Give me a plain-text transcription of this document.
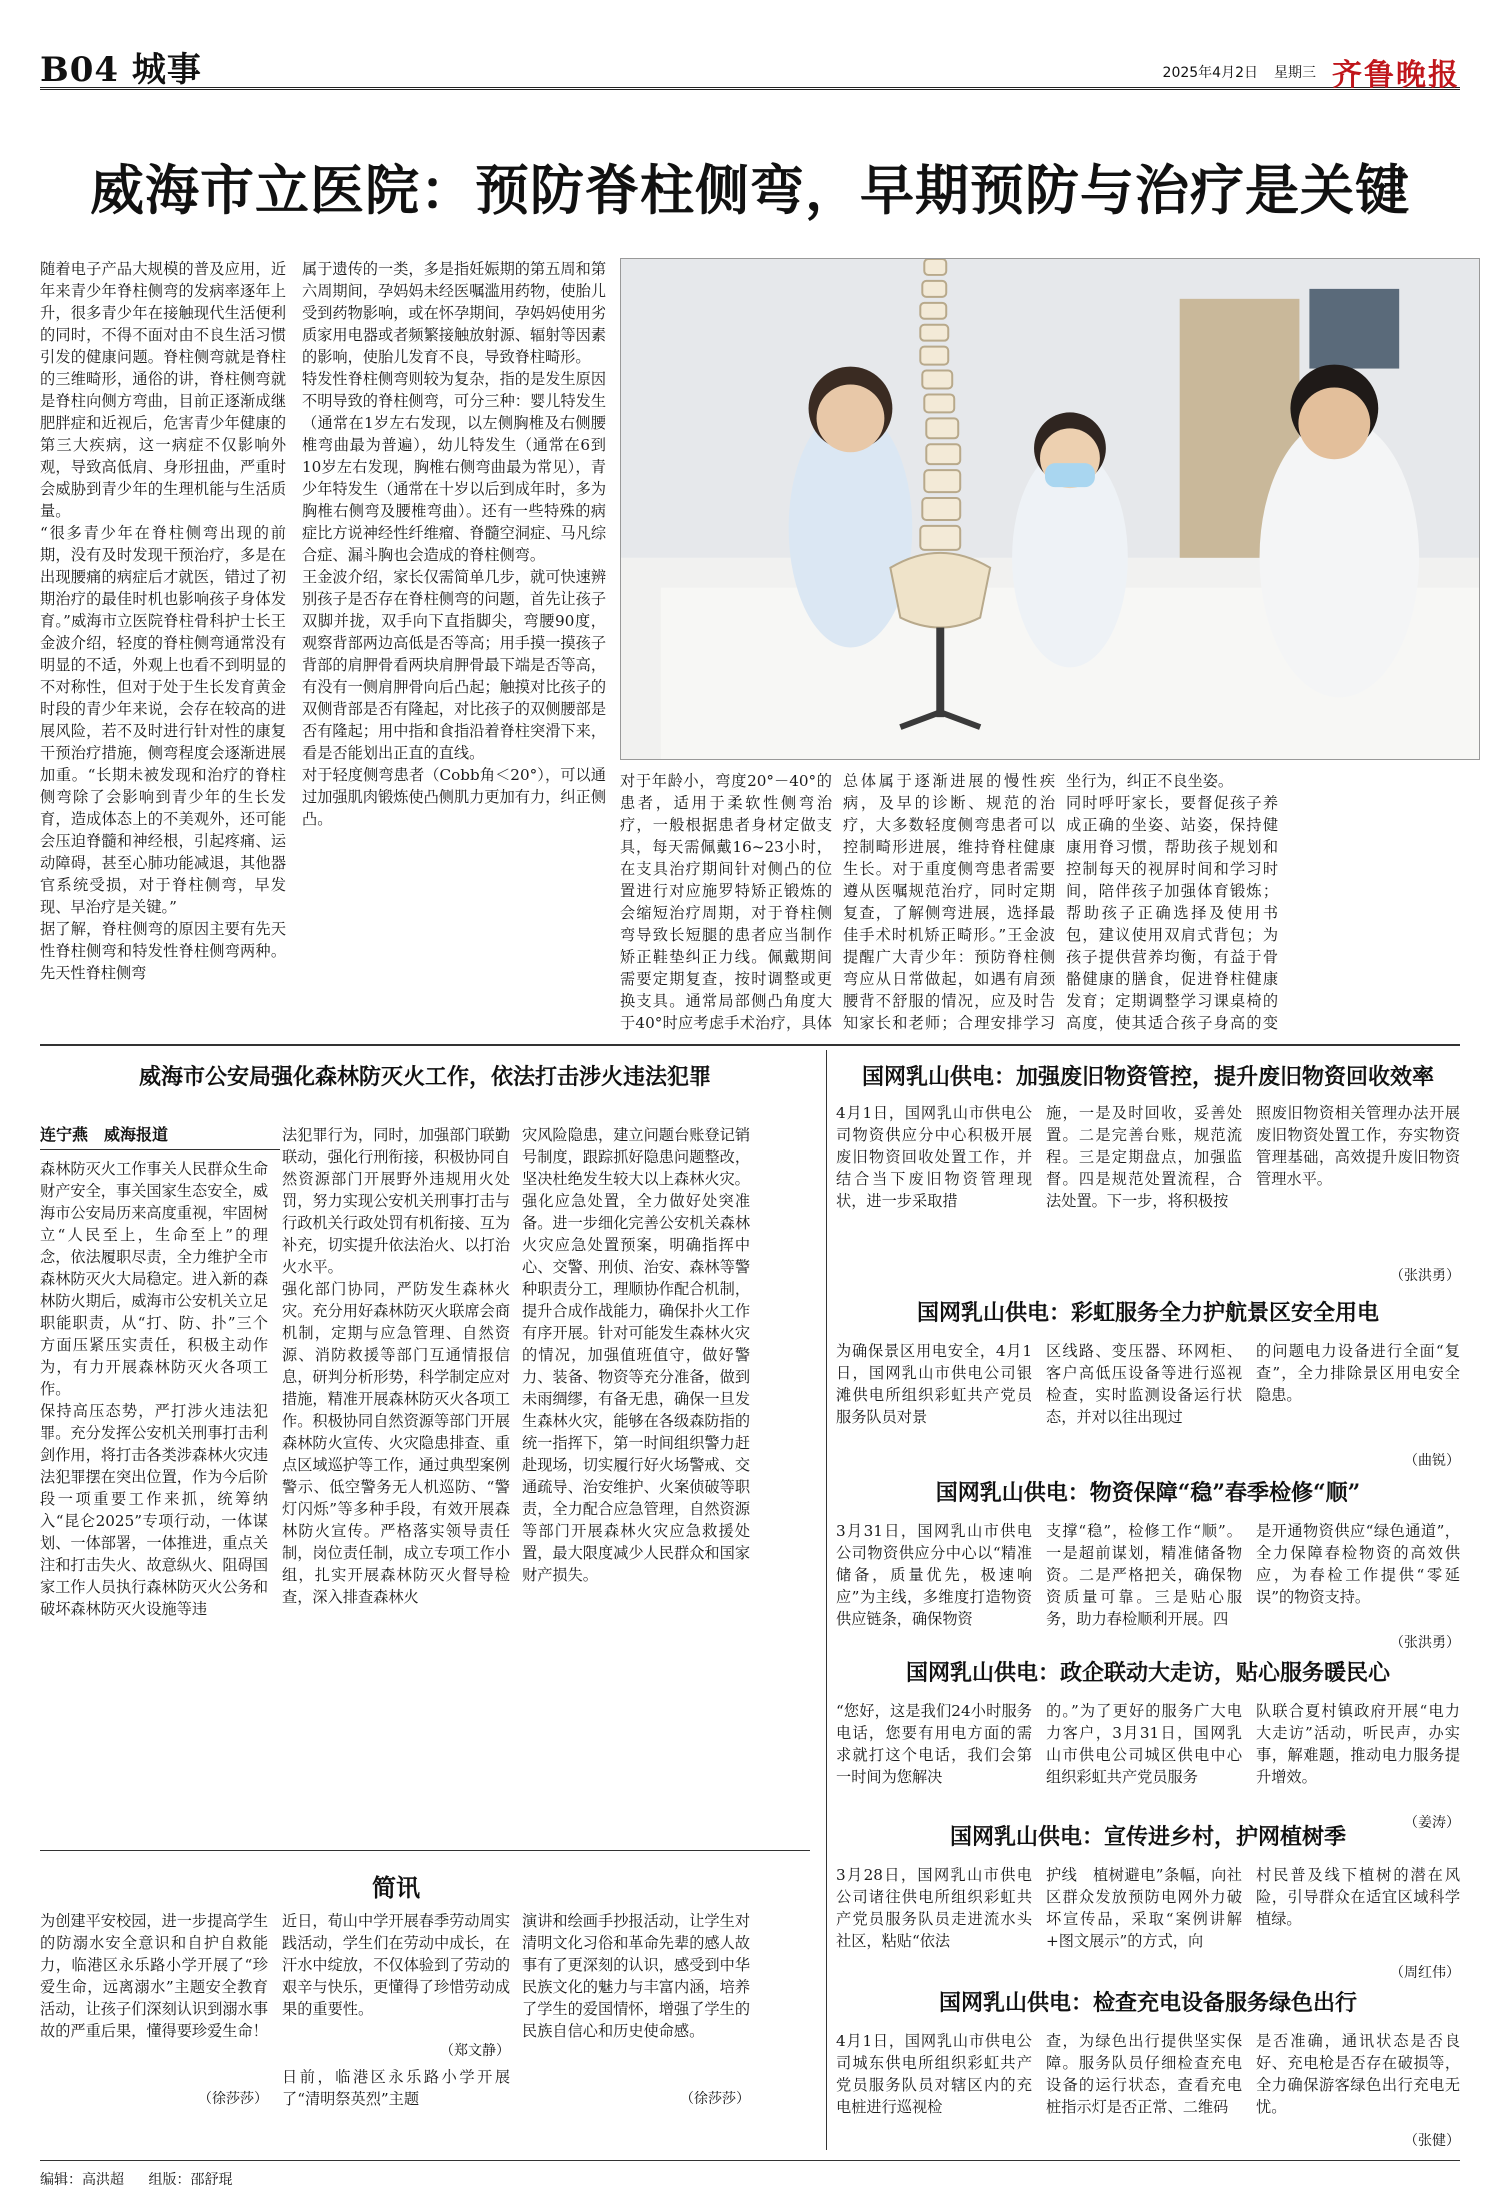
B04 城事	2025年4月2日 星期三 齐鲁晚报
威海市立医院：预防脊柱侧弯，早期预防与治疗是关键
随着电子产品大规模的普及应用，近年来青少年脊柱侧弯的发病率逐年上升，很多青少年在接触现代生活便利的同时，不得不面对由不良生活习惯引发的健康问题。脊柱侧弯就是脊柱的三维畸形，通俗的讲，脊柱侧弯就是脊柱向侧方弯曲，目前正逐渐成继肥胖症和近视后，危害青少年健康的第三大疾病，这一病症不仅影响外观，导致高低肩、身形扭曲，严重时会威胁到青少年的生理机能与生活质量。
“很多青少年在脊柱侧弯出现的前期，没有及时发现干预治疗，多是在出现腰痛的病症后才就医，错过了初期治疗的最佳时机也影响孩子身体发育。”威海市立医院脊柱骨科护士长王金波介绍，轻度的脊柱侧弯通常没有明显的不适，外观上也看不到明显的不对称性，但对于处于生长发育黄金时段的青少年来说，会存在较高的进展风险，若不及时进行针对性的康复干预治疗措施，侧弯程度会逐渐进展加重。“长期未被发现和治疗的脊柱侧弯除了会影响到青少年的生长发育，造成体态上的不美观外，还可能会压迫脊髓和神经根，引起疼痛、运动障碍，甚至心肺功能减退，其他器官系统受损，对于脊柱侧弯，早发现、早治疗是关键。”
据了解，脊柱侧弯的原因主要有先天性脊柱侧弯和特发性脊柱侧弯两种。先天性脊柱侧弯
属于遗传的一类，多是指妊娠期的第五周和第六周期间，孕妈妈未经医嘱滥用药物，使胎儿受到药物影响，或在怀孕期间，孕妈妈使用劣质家用电器或者频繁接触放射源、辐射等因素的影响，使胎儿发育不良，导致脊柱畸形。
特发性脊柱侧弯则较为复杂，指的是发生原因不明导致的脊柱侧弯，可分三种：婴儿特发生（通常在1岁左右发现，以左侧胸椎及右侧腰椎弯曲最为普遍），幼儿特发生（通常在6到10岁左右发现，胸椎右侧弯曲最为常见），青少年特发生（通常在十岁以后到成年时，多为胸椎右侧弯及腰椎弯曲）。还有一些特殊的病症比方说神经性纤维瘤、脊髓空洞症、马凡综合症、漏斗胸也会造成的脊柱侧弯。
王金波介绍，家长仅需简单几步，就可快速辨别孩子是否存在脊柱侧弯的问题，首先让孩子双脚并拢，双手向下直指脚尖，弯腰90度，观察背部两边高低是否等高；用手摸一摸孩子背部的肩胛骨看两块肩胛骨最下端是否等高，有没有一侧肩胛骨向后凸起；触摸对比孩子的双侧背部是否有隆起，对比孩子的双侧腰部是否有隆起；用中指和食指沿着脊柱突滑下来，看是否能划出正直的直线。
对于轻度侧弯患者（Cobb角＜20°），可以通过加强肌肉锻炼使凸侧肌力更加有力，纠正侧凸。
对于年龄小，弯度20°－40°的患者，适用于柔软性侧弯治疗，一般根据患者身材定做支具，每天需佩戴16~23小时，在支具治疗期间针对侧凸的位置进行对应施罗特矫正锻炼的会缩短治疗周期，对于脊柱侧弯导致长短腿的患者应当制作矫正鞋垫纠正力线。佩戴期间需要定期复查，按时调整或更换支具。通常局部侧凸角度大于40°时应考虑手术治疗，具体

总体属于逐渐进展的慢性疾病，及早的诊断、规范的治疗，大多数轻度侧弯患者可以控制畸形进展，维持脊柱健康生长。对于重度侧弯患者需要遵从医嘱规范治疗，同时定期复查，了解侧弯进展，选择最佳手术时机矫正畸形。”王金波提醒广大青少年：预防脊柱侧弯应从日常做起，如遇有肩颈腰背不舒服的情况，应及时告知家长和老师；合理安排学习
坐行为，纠正不良坐姿。
同时呼吁家长，要督促孩子养成正确的坐姿、站姿，保持健康用脊习惯，帮助孩子规划和控制每天的视屏时间和学习时间，陪伴孩子加强体育锻炼；帮助孩子正确选择及使用书包，建议使用双肩式背包；为孩子提供营养均衡，有益于骨骼健康的膳食，促进脊柱健康发育；定期调整学习课桌椅的高度，使其适合孩子身高的变
威海市公安局强化森林防灭火工作，依法打击涉火违法犯罪
连宁燕　威海报道
森林防灭火工作事关人民群众生命财产安全，事关国家生态安全，威海市公安局历来高度重视，牢固树立“人民至上，生命至上”的理念，依法履职尽责，全力维护全市森林防灭火大局稳定。进入新的森林防火期后，威海市公安机关立足职能职责，从“打、防、扑”三个方面压紧压实责任，积极主动作为，有力开展森林防灭火各项工作。
保持高压态势，严打涉火违法犯罪。充分发挥公安机关刑事打击利剑作用，将打击各类涉森林火灾违法犯罪摆在突出位置，作为今后阶段一项重要工作来抓，统筹纳入“昆仑2025”专项行动，一体谋划、一体部署，一体推进，重点关注和打击失火、故意纵火、阻碍国家工作人员执行森林防灭火公务和破坏森林防灭火设施等违
法犯罪行为，同时，加强部门联勤联动，强化行刑衔接，积极协同自然资源部门开展野外违规用火处罚，努力实现公安机关刑事打击与行政机关行政处罚有机衔接、互为补充，切实提升依法治火、以打治火水平。
强化部门协同，严防发生森林火灾。充分用好森林防灭火联席会商机制，定期与应急管理、自然资源、消防救援等部门互通情报信息，研判分析形势，科学制定应对措施，精准开展森林防灭火各项工作。积极协同自然资源等部门开展森林防火宣传、火灾隐患排查、重点区域巡护等工作，通过典型案例警示、低空警务无人机巡防、“警灯闪烁”等多种手段，有效开展森林防火宣传。严格落实领导责任制，岗位责任制，成立专项工作小组，扎实开展森林防灭火督导检查，深入排查森林火
灾风险隐患，建立问题台账登记销号制度，跟踪抓好隐患问题整改，坚决杜绝发生较大以上森林火灾。
强化应急处置，全力做好处突准备。进一步细化完善公安机关森林火灾应急处置预案，明确指挥中心、交警、刑侦、治安、森林等警种职责分工，理顺协作配合机制，提升合成作战能力，确保扑火工作有序开展。针对可能发生森林火灾的情况，加强值班值守，做好警力、装备、物资等充分准备，做到未雨绸缪，有备无患，确保一旦发生森林火灾，能够在各级森防指的统一指挥下，第一时间组织警力赶赴现场，切实履行好火场警戒、交通疏导、治安维护、火案侦破等职责，全力配合应急管理，自然资源等部门开展森林火灾应急救援处置，最大限度减少人民群众和国家财产损失。
简讯
为创建平安校园，进一步提高学生的防溺水安全意识和自护自救能力，临港区永乐路小学开展了“珍爱生命，远离溺水”主题安全教育活动，让孩子们深刻认识到溺水事故的严重后果，懂得要珍爱生命！
（徐莎莎）
近日，荀山中学开展春季劳动周实践活动，学生们在劳动中成长，在汗水中绽放，不仅体验到了劳动的艰辛与快乐，更懂得了珍惜劳动成果的重要性。
（郑文静）
日前，临港区永乐路小学开展了“清明祭英烈”主题
演讲和绘画手抄报活动，让学生对清明文化习俗和革命先辈的感人故事有了更深刻的认识，感受到中华民族文化的魅力与丰富内涵，培养了学生的爱国情怀，增强了学生的民族自信心和历史使命感。
（徐莎莎）
国网乳山供电：加强废旧物资管控，提升废旧物资回收效率
4月1日，国网乳山市供电公司物资供应分中心积极开展废旧物资回收处置工作，并结合当下废旧物资管理现状，进一步采取措
施，一是及时回收，妥善处置。二是完善台账，规范流程。三是定期盘点，加强监督。四是规范处置流程，合法处置。下一步，将积极按
照废旧物资相关管理办法开展废旧物资处置工作，夯实物资管理基础，高效提升废旧物资管理水平。
（张洪勇）
国网乳山供电：彩虹服务全力护航景区安全用电
为确保景区用电安全，4月1日，国网乳山市供电公司银滩供电所组织彩虹共产党员服务队员对景
区线路、变压器、环网柜、客户高低压设备等进行巡视检查，实时监测设备运行状态，并对以往出现过
的问题电力设备进行全面“复查”，全力排除景区用电安全隐患。
（曲锐）
国网乳山供电：物资保障“稳”春季检修“顺”
3月31日，国网乳山市供电公司物资供应分中心以“精准储备，质量优先，极速响应”为主线，多维度打造物资供应链条，确保物资
支撑“稳”，检修工作“顺”。一是超前谋划，精准储备物资。二是严格把关，确保物资质量可靠。三是贴心服务，助力春检顺利开展。四
是开通物资供应“绿色通道”，全力保障春检物资的高效供应，为春检工作提供“零延误”的物资支持。
（张洪勇）
国网乳山供电：政企联动大走访，贴心服务暖民心
“您好，这是我们24小时服务电话，您要有用电方面的需求就打这个电话，我们会第一时间为您解决
的。”为了更好的服务广大电力客户，3月31日，国网乳山市供电公司城区供电中心组织彩虹共产党员服务
队联合夏村镇政府开展“电力大走访”活动，听民声，办实事，解难题，推动电力服务提升增效。
（姜涛）
国网乳山供电：宣传进乡村，护网植树季
3月28日，国网乳山市供电公司诸往供电所组织彩虹共产党员服务队员走进流水头社区，粘贴“依法
护线　植树避电”条幅，向社区群众发放预防电网外力破坏宣传品，采取“案例讲解+图文展示”的方式，向
村民普及线下植树的潜在风险，引导群众在适宜区域科学植绿。
（周红伟）
国网乳山供电：检查充电设备服务绿色出行
4月1日，国网乳山市供电公司城东供电所组织彩虹共产党员服务队员对辖区内的充电桩进行巡视检
查，为绿色出行提供坚实保障。服务队员仔细检查充电设备的运行状态，查看充电桩指示灯是否正常、二维码
是否准确，通讯状态是否良好、充电枪是否存在破损等，全力确保游客绿色出行充电无忧。
（张健）
编辑：高洪超 组版：邵舒琨
